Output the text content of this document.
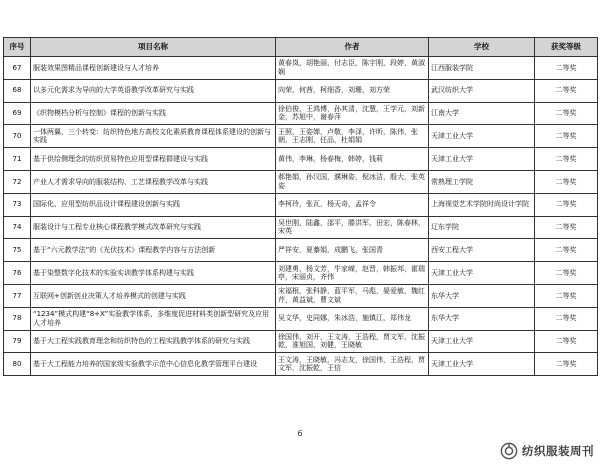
序号	项目名称	作者	学校	获奖等级
67	服装效果图精品课程创新建设与人才培养	黄春岚，胡艳丽，付志臣，陈宇刚，段婷，黄淑娴	江西服装学院	二等奖
68	以多元化需求为导向的大学英语教学改革研究与实践	向荣，何茜，柯细香，刘珊，刘方荣	武汉纺织大学	二等奖
69	《织物模档分析与控制》课程的创新与实践	徐伯俊，王鸿博，孙其清，沈慧，王学元，刘新金，苏旭中，谢春萍	江南大学	二等奖
70	一体两翼，三个转变：纺织特色地方高校文化素质教育课程体系建设的创新与实践	王照，王姿婵，卢敬，李泽，许昕，陈伟，张朝，王志刚，任品，杜娟娟	天津工业大学	二等奖
71	基于供给侧理念的纺织贸易特色应用型课程群建设与实践	黄伟，李琳，杨春梅，韩婷，钱莉	天津工业大学	二等奖
72	产业人才需求导向的服装结构、工艺课程教学改革与实践	郝艳娟，孙汉国，濮琳姿，倪冰洁，殷大，张英姿	常熟理工学院	二等奖
73	国际化、应用型纺织品设计课程建设创新与实践	李柯玲，张瓦，杨天奇，孟祥令	上海视觉艺术学院时尚设计学院	二等奖
74	服装设计与工程专业核心课程教学模式改革研究与实践	吴世刚，陆鑫，邵平，滕洪军，田宏，陈春林，宋英	辽东学院	二等奖
75	基于“六元教学法”的《光伏技术》课程教学内容与方法创新	严祥安，夏蓁娟，成鹏飞，张国青	西安工程大学	二等奖
76	基于染整数字化技术的实验实训教学体系构建与实践	刘建勇，杨文芳，牛家嵘，赵晋，韩振邦，霍瑞亭，宋丽贞，齐伟	天津工业大学	二等奖
77	互联网+创新创业决策人才培养模式的创建与实践	宋福根，张科静，蓝平军，马彪，晏爱敏，魏红芹，黄益斌，曹文斌	东华大学	二等奖
78	“1234”模式构建“8+X”实验教学体系，多维度促进材料类创新型研究及应用人才培养	吴文华，史同娜，朱冰浩，施镇江，郑伟龙	东华大学	二等奖
79	基于大工程实践教育理念和纺织特色的工程实践教学体系的研究与实践	徐国伟，刘开，王文涛，王浩程，贾文军，沈振乾，准旭国，刘健，王晓敏	天津工业大学	二等奖
80	基于大工程能力培养的国家级实验教学示范中心信息化教学管理平台建设	王文涛，王晓敏，冯志友，徐国伟，王浩程，贾文军，沈振乾，王信	天津工业大学	二等奖
6
纺织服装周刊
